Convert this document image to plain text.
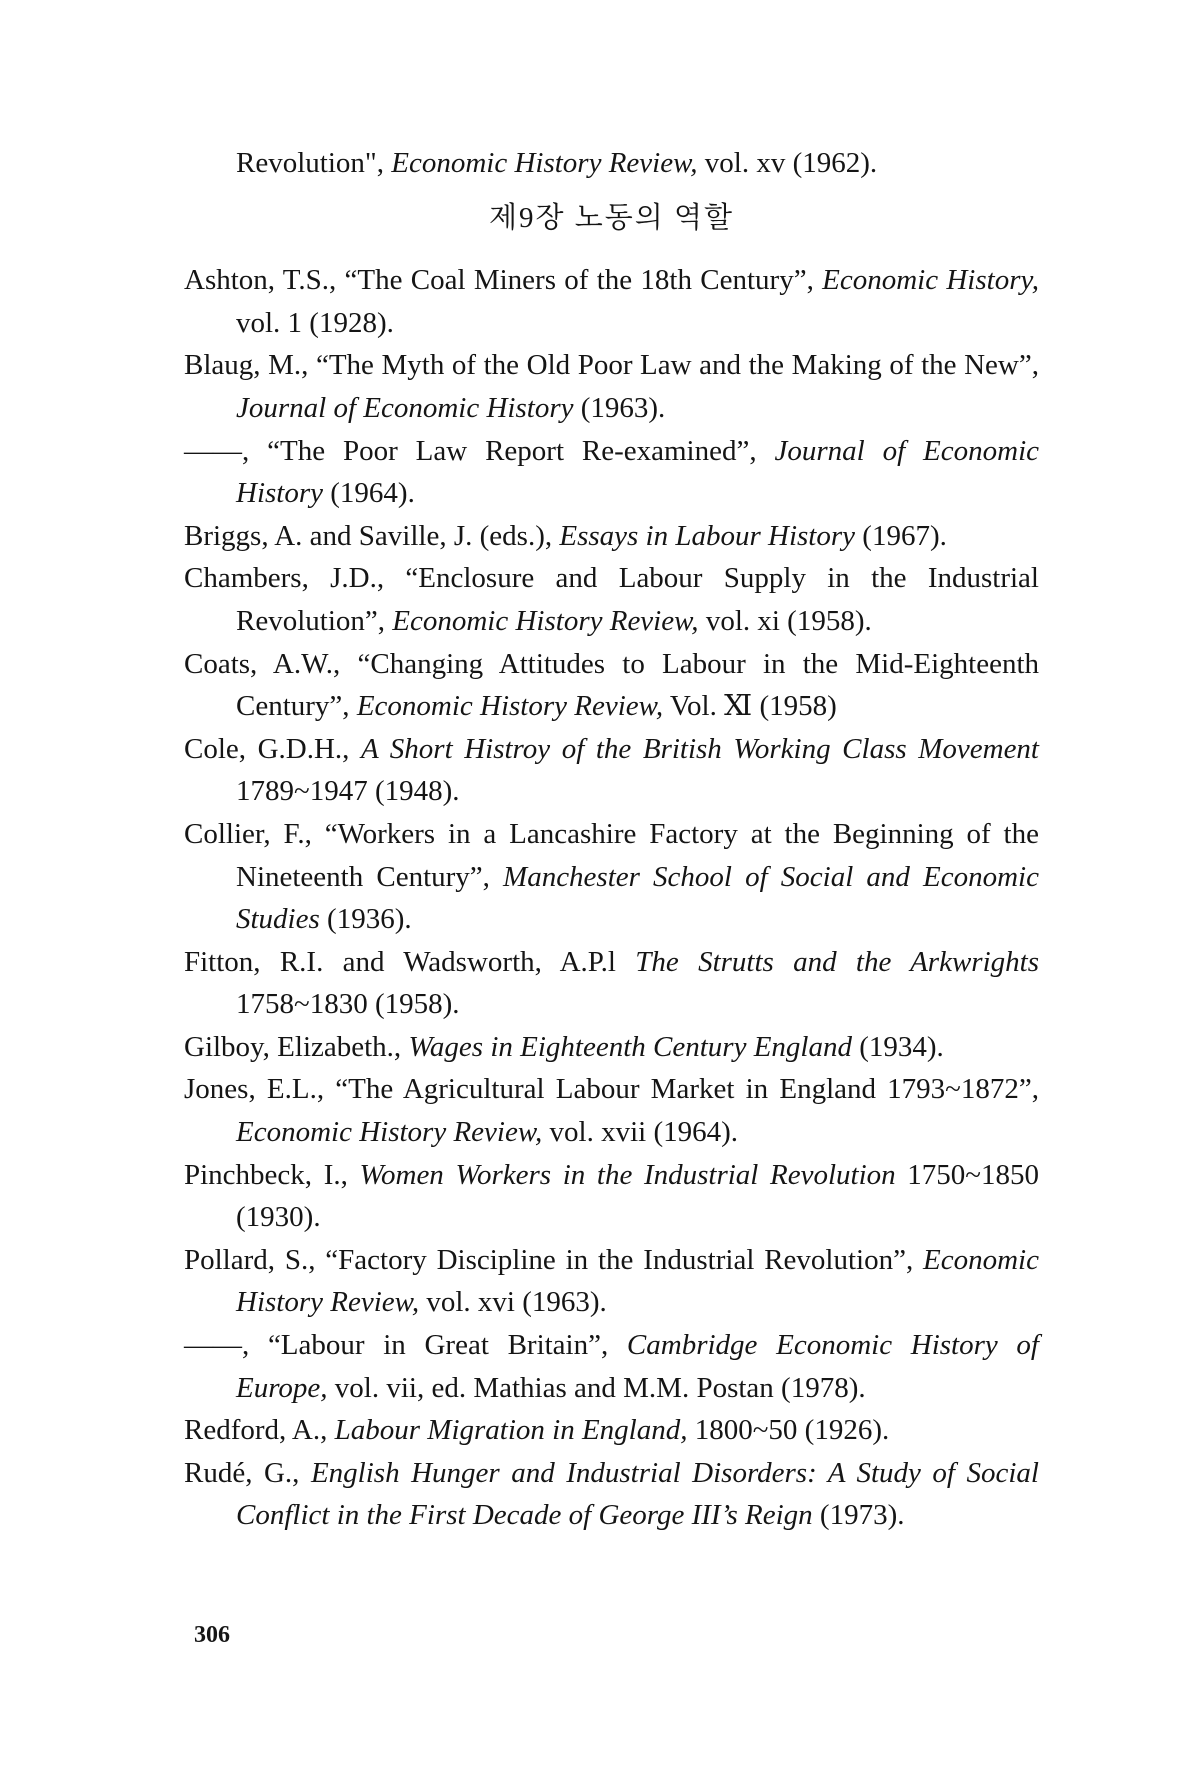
Revolution", Economic History Review, vol. xv (1962).

제9장 노동의 역할

Ashton, T.S., “The Coal Miners of the 18th Century”, Economic History, vol. 1 (1928).

Blaug, M., “The Myth of the Old Poor Law and the Making of the New”, Journal of Economic History (1963).

——, “The Poor Law Report Re-examined”, Journal of Economic History (1964).

Briggs, A. and Saville, J. (eds.), Essays in Labour History (1967).

Chambers, J.D., “Enclosure and Labour Supply in the Industrial Revolution”, Economic History Review, vol. xi (1958).

Coats, A.W., “Changing Attitudes to Labour in the Mid-Eighteenth Century”, Economic History Review, Vol. Ⅺ (1958)

Cole, G.D.H., A Short Histroy of the British Working Class Movement 1789~1947 (1948).

Collier, F., “Workers in a Lancashire Factory at the Beginning of the Nineteenth Century”, Manchester School of Social and Economic Studies (1936).

Fitton, R.I. and Wadsworth, A.P.l The Strutts and the Arkwrights 1758~1830 (1958).

Gilboy, Elizabeth., Wages in Eighteenth Century England (1934).

Jones, E.L., “The Agricultural Labour Market in England 1793~1872”, Economic History Review, vol. xvii (1964).

Pinchbeck, I., Women Workers in the Industrial Revolution 1750~1850 (1930).

Pollard, S., “Factory Discipline in the Industrial Revolution”, Economic History Review, vol. xvi (1963).

——, “Labour in Great Britain”, Cambridge Economic History of Europe, vol. vii, ed. Mathias and M.M. Postan (1978).

Redford, A., Labour Migration in England, 1800~50 (1926).

Rudé, G., English Hunger and Industrial Disorders: A Study of Social Conflict in the First Decade of George III’s Reign (1973).

306
